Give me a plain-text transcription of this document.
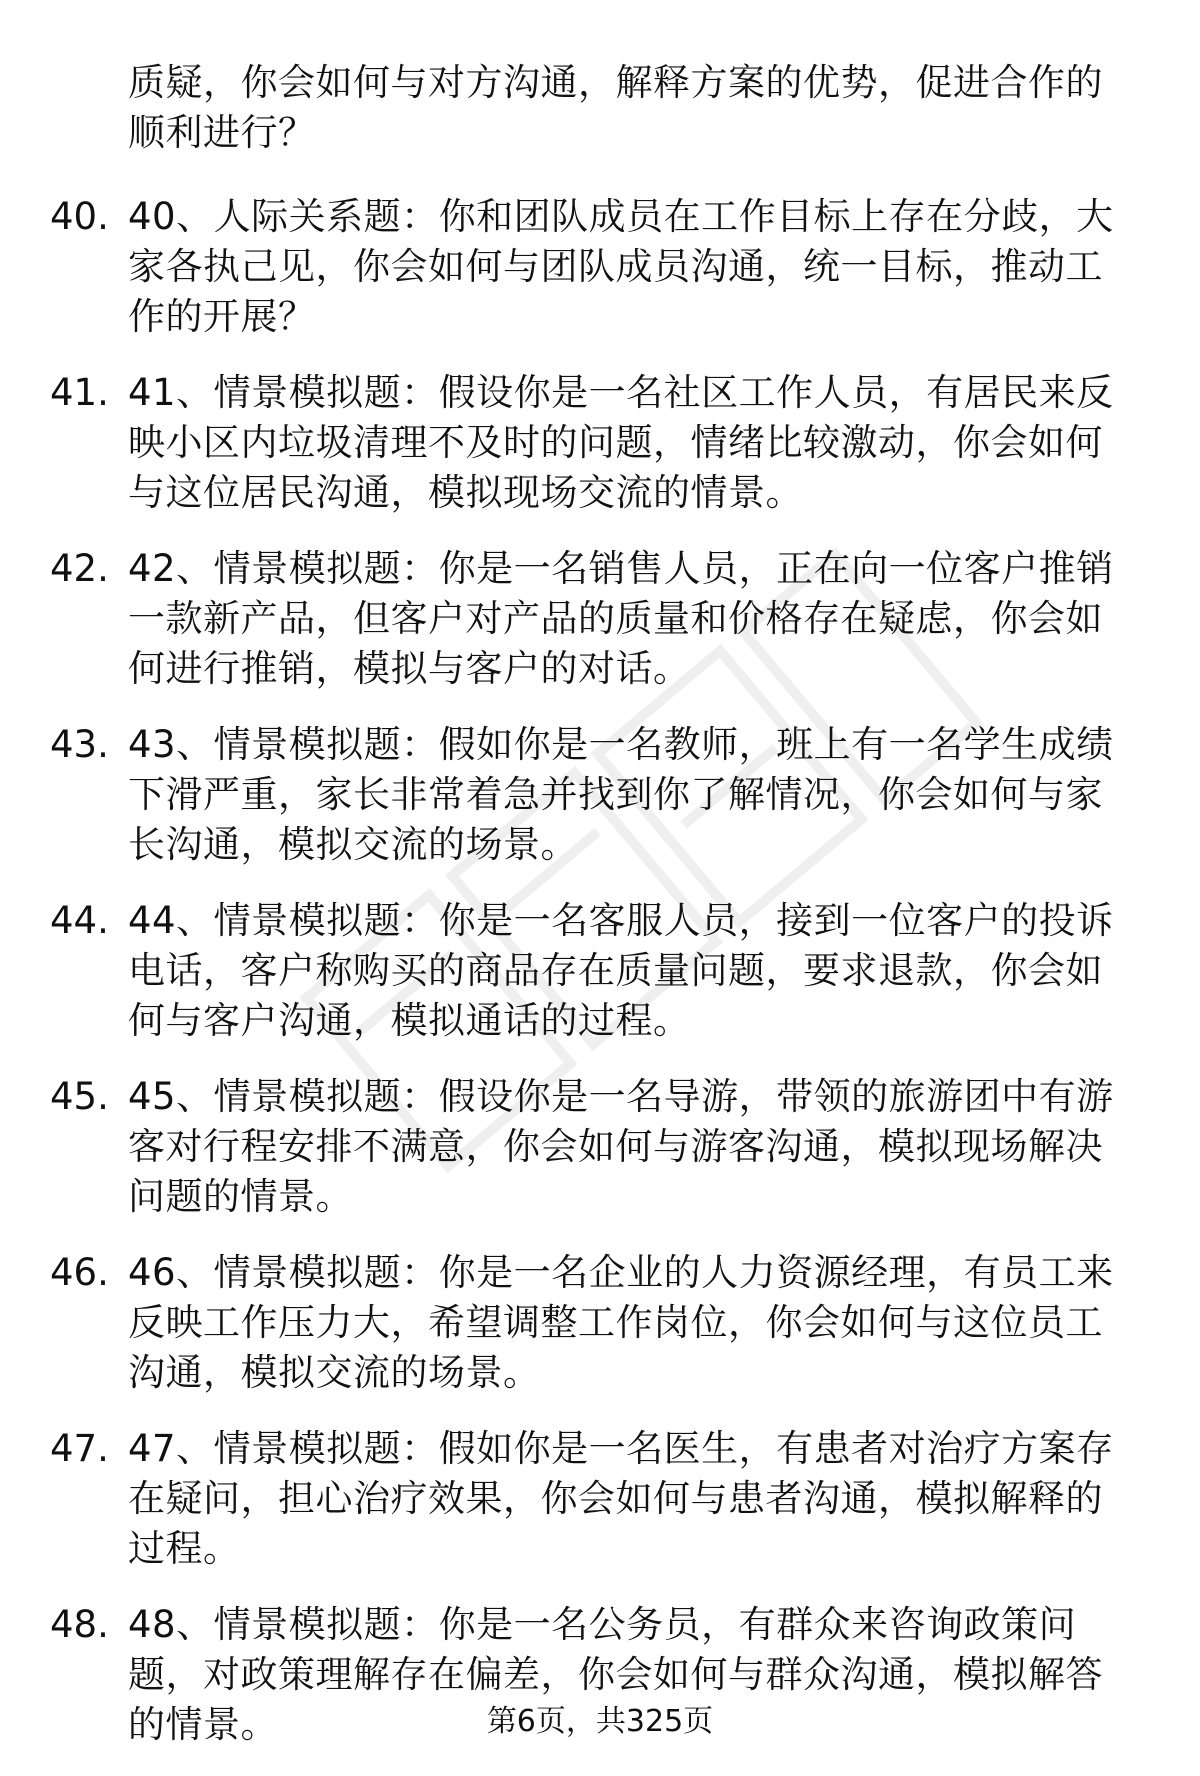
质疑，你会如何与对方沟通，解释方案的优势，促进合作的顺利进行？
40. 40、人际关系题：你和团队成员在工作目标上存在分歧，大家各执己见，你会如何与团队成员沟通，统一目标，推动工作的开展？
41. 41、情景模拟题：假设你是一名社区工作人员，有居民来反映小区内垃圾清理不及时的问题，情绪比较激动，你会如何与这位居民沟通，模拟现场交流的情景。
42. 42、情景模拟题：你是一名销售人员，正在向一位客户推销一款新产品，但客户对产品的质量和价格存在疑虑，你会如何进行推销，模拟与客户的对话。
43. 43、情景模拟题：假如你是一名教师，班上有一名学生成绩下滑严重，家长非常着急并找到你了解情况，你会如何与家长沟通，模拟交流的场景。
44. 44、情景模拟题：你是一名客服人员，接到一位客户的投诉电话，客户称购买的商品存在质量问题，要求退款，你会如何与客户沟通，模拟通话的过程。
45. 45、情景模拟题：假设你是一名导游，带领的旅游团中有游客对行程安排不满意，你会如何与游客沟通，模拟现场解决问题的情景。
46. 46、情景模拟题：你是一名企业的人力资源经理，有员工来反映工作压力大，希望调整工作岗位，你会如何与这位员工沟通，模拟交流的场景。
47. 47、情景模拟题：假如你是一名医生，有患者对治疗方案存在疑问，担心治疗效果，你会如何与患者沟通，模拟解释的过程。
48. 48、情景模拟题：你是一名公务员，有群众来咨询政策问题，对政策理解存在偏差，你会如何与群众沟通，模拟解答的情景。	第6页，共325页
